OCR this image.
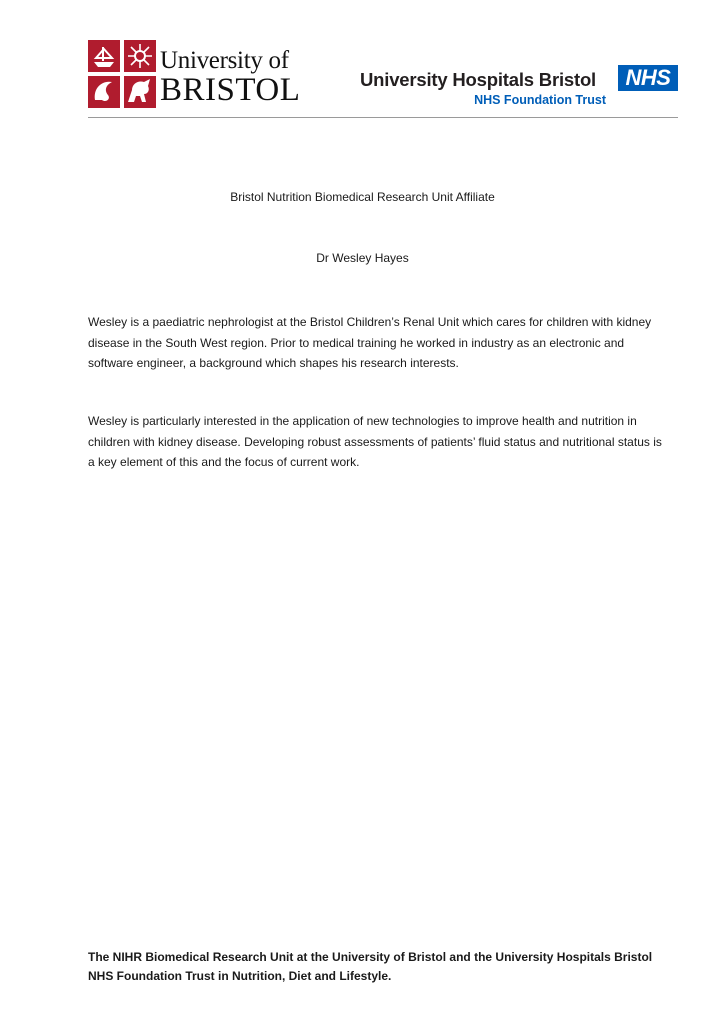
University of
BRISTOL	University Hospitals Bristol
NHS Foundation Trust
NHS
Bristol Nutrition Biomedical Research Unit Affiliate
Dr Wesley Hayes
Wesley is a paediatric nephrologist at the Bristol Children’s Renal Unit which cares for children with kidney disease in the South West region. Prior to medical training he worked in industry as an electronic and software engineer, a background which shapes his research interests.
Wesley is particularly interested in the application of new technologies to improve health and nutrition in children with kidney disease. Developing robust assessments of patients’ fluid status and nutritional status is a key element of this and the focus of current work.
The NIHR Biomedical Research Unit at the University of Bristol and the University Hospitals Bristol
NHS Foundation Trust in Nutrition, Diet and Lifestyle.
